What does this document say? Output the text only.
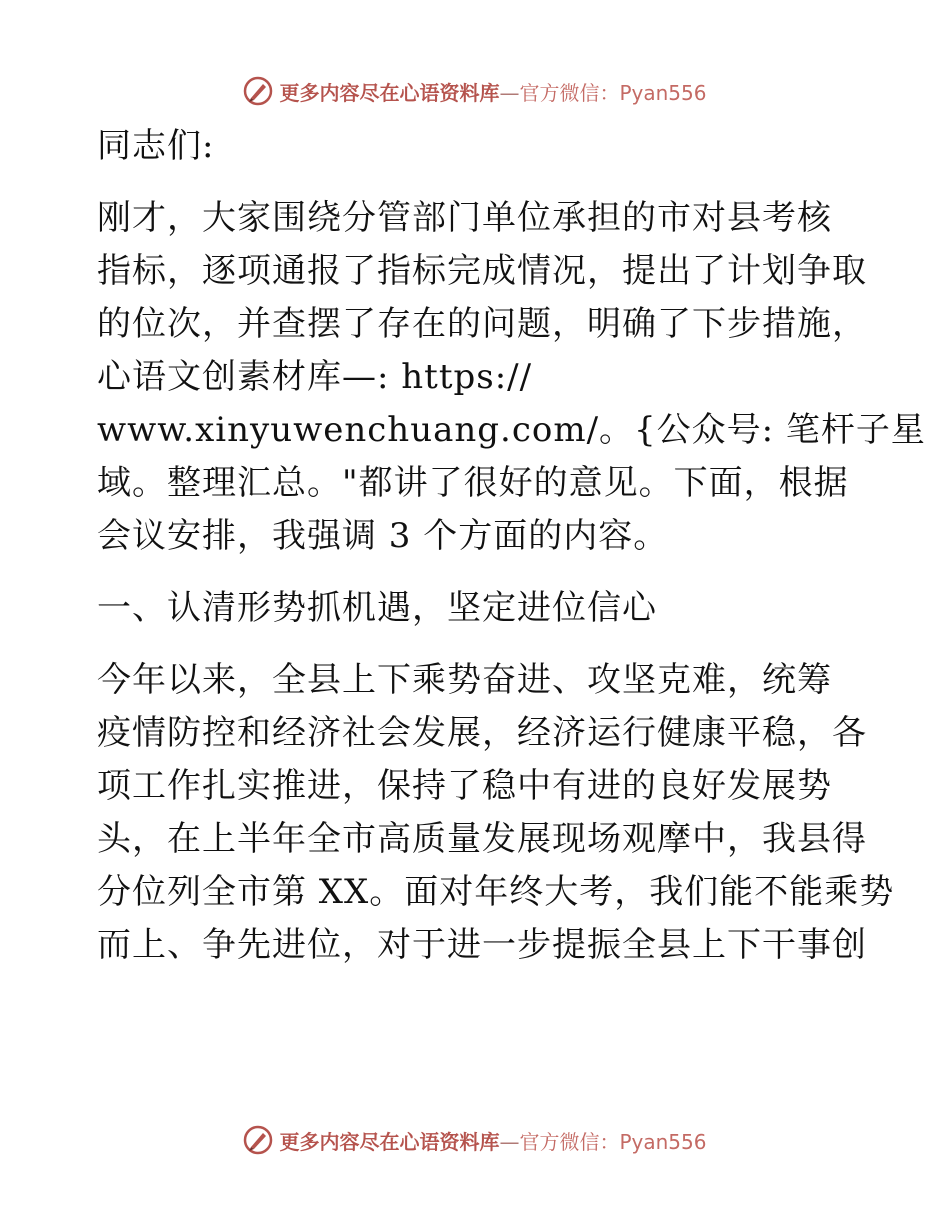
更多内容尽在心语资料库—官方微信：Pyan556
同志们:
刚才，大家围绕分管部门单位承担的市对县考核
指标，逐项通报了指标完成情况，提出了计划争取
的位次，并查摆了存在的问题，明确了下步措施，
心语文创素材库—: https://
www.xinyuwenchuang.com/。{公众号: 笔杆子星
域。整理汇总。"都讲了很好的意见。下面，根据
会议安排，我强调 3 个方面的内容。
一、认清形势抓机遇，坚定进位信心
今年以来，全县上下乘势奋进、攻坚克难，统筹
疫情防控和经济社会发展，经济运行健康平稳，各
项工作扎实推进，保持了稳中有进的良好发展势
头，在上半年全市高质量发展现场观摩中，我县得
分位列全市第 XX。面对年终大考，我们能不能乘势
而上、争先进位，对于进一步提振全县上下干事创
更多内容尽在心语资料库—官方微信：Pyan556
